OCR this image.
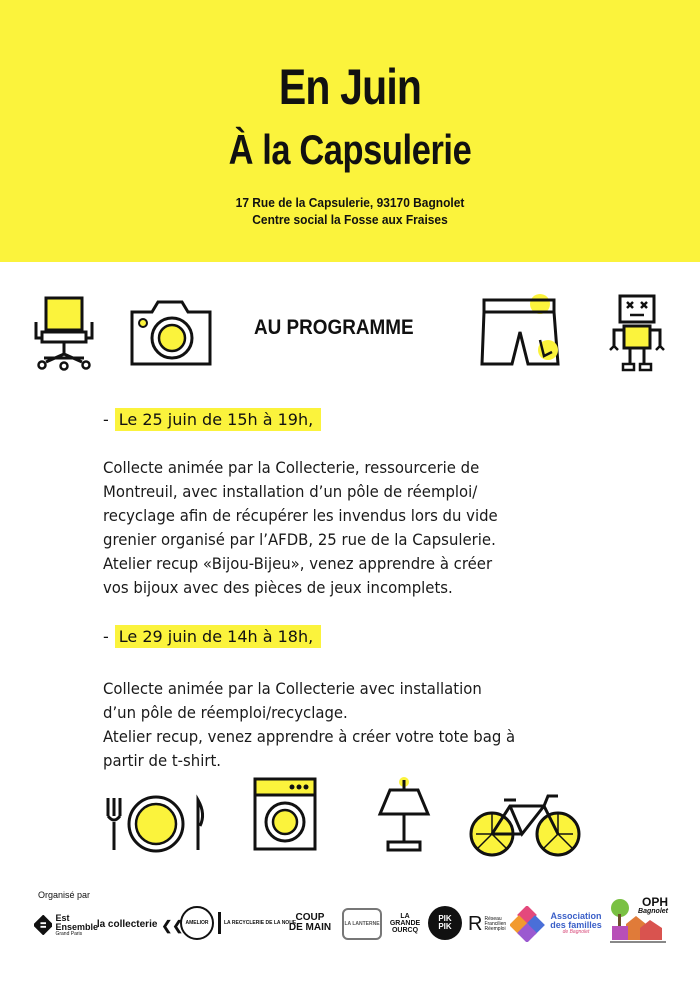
En Juin
À la Capsulerie
17 Rue de la Capsulerie, 93170 Bagnolet
Centre social la Fosse aux Fraises
AU PROGRAMME
- Le 25 juin de 15h à 19h,

Collecte animée par la Collecterie, ressourcerie de

Montreuil, avec installation d’un pôle de réemploi/

recyclage afin de récupérer les invendus lors du vide

grenier organisé par l’AFDB, 25 rue de la Capsulerie.

Atelier recup «Bijou-Bijeu», venez apprendre à créer

vos bijoux avec des pièces de jeux incomplets.

- Le 29 juin de 14h à 18h,

Collecte animée par la Collecterie avec installation

d’un pôle de réemploi/recyclage.

Atelier recup, venez apprendre à créer votre tote bag à

partir de t-shirt.

Organisé par
Est
Ensemble
Grand Paris
la collecterie ❮❮ AMELIOR	LA RECYCLERIE DE LA NOUE COUP
DE MAIN	LA LANTERNE
LA
GRANDE
OURCQ
PIK
PIK R Réseau
Francilien
Réemploi
Association
des familles
de Bagnolet
OPH
Bagnolet
